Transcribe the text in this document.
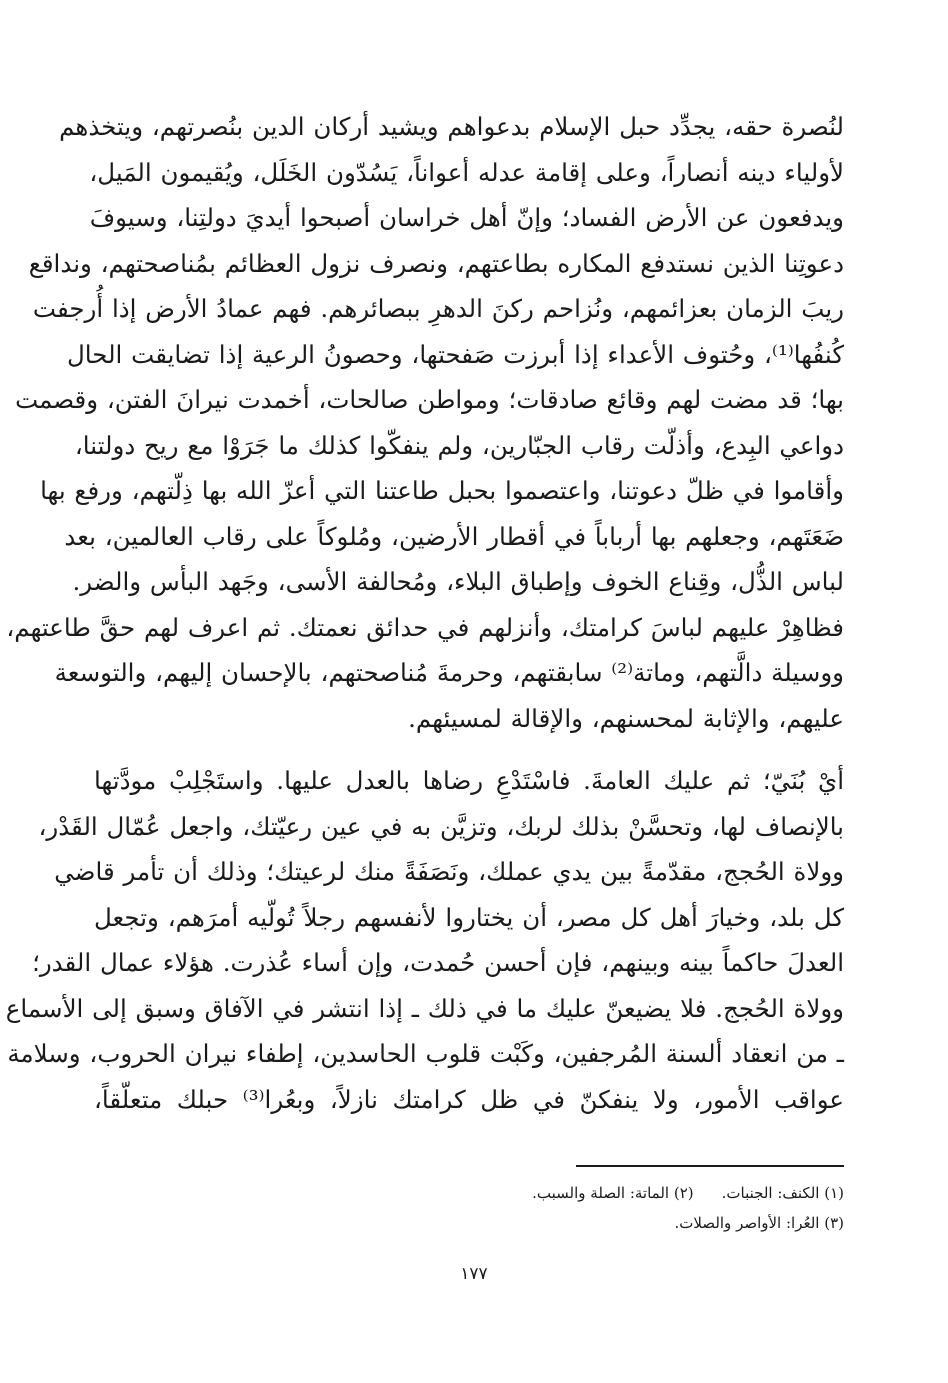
لنُصرة حقه، يجدِّد حبل الإسلام بدعواهم ويشيد أركان الدين بنُصرتهم، ويتخذهم
لأولياء دينه أنصاراً، وعلى إقامة عدله أعواناً، يَسُدّون الخَلَل، ويُقيمون المَيل،
ويدفعون عن الأرض الفساد؛ وإنّ أهل خراسان أصبحوا أيديَ دولتِنا، وسيوفَ
دعوتِنا الذين نستدفع المكاره بطاعتهم، ونصرف نزول العظائم بمُناصحتهم، ونداقع
ريبَ الزمان بعزائمهم، ونُزاحم ركنَ الدهرِ ببصائرهم. فهم عمادُ الأرض إذا أُرجفت
كُنفُها⁽¹⁾، وحُتوف الأعداء إذا أبرزت صَفحتها، وحصونُ الرعية إذا تضايقت الحال
بها؛ قد مضت لهم وقائع صادقات؛ ومواطن صالحات، أخمدت نيرانَ الفتن، وقصمت
دواعي البِدع، وأذلّت رقاب الجبّارين، ولم ينفكّوا كذلك ما جَرَوْا مع ريح دولتنا،
وأقاموا في ظلّ دعوتنا، واعتصموا بحبل طاعتنا التي أعزّ الله بها ذِلّتهم، ورفع بها
ضَعَتَهم، وجعلهم بها أرباباً في أقطار الأرضين، ومُلوكاً على رقاب العالمين، بعد
لباس الذُّل، وقِناع الخوف وإطباق البلاء، ومُحالفة الأسى، وجَهد البأس والضر.
فظاهِرْ عليهم لباسَ كرامتك، وأنزلهم في حدائق نعمتك. ثم اعرف لهم حقَّ طاعتهم،
ووسيلة دالَّتهم، وماتة⁽²⁾ سابقتهم، وحرمةَ مُناصحتهم، بالإحسان إليهم، والتوسعة
عليهم، والإثابة لمحسنهم، والإقالة لمسيئهم.
أيْ بُنَيّ؛ ثم عليك العامةَ. فاسْتَدْعِ رضاها بالعدل عليها. واستَجْلِبْ مودَّتها
بالإنصاف لها، وتحسَّنْ بذلك لربك، وتزيَّن به في عين رعيّتك، واجعل عُمّال القَدْر،
وولاة الحُجج، مقدّمةً بين يدي عملك، ونَصَفَةً منك لرعيتك؛ وذلك أن تأمر قاضي
كل بلد، وخيارَ أهل كل مصر، أن يختاروا لأنفسهم رجلاً تُولّيه أمرَهم، وتجعل
العدلَ حاكماً بينه وبينهم، فإن أحسن حُمدت، وإن أساء عُذرت. هؤلاء عمال القدر؛
وولاة الحُجج. فلا يضيعنّ عليك ما في ذلك ـ إذا انتشر في الآفاق وسبق إلى الأسماع
ـ من انعقاد ألسنة المُرجفين، وكَبْت قلوب الحاسدين، إطفاء نيران الحروب، وسلامة
عواقب الأمور، ولا ينفكنّ في ظل كرامتك نازلاً، وبعُرا⁽³⁾ حبلك متعلّقاً،
(١) الكنف: الجنبات.(٢) الماتة: الصلة والسبب.
(٣) العُرا: الأواصر والصلات.
١٧٧
